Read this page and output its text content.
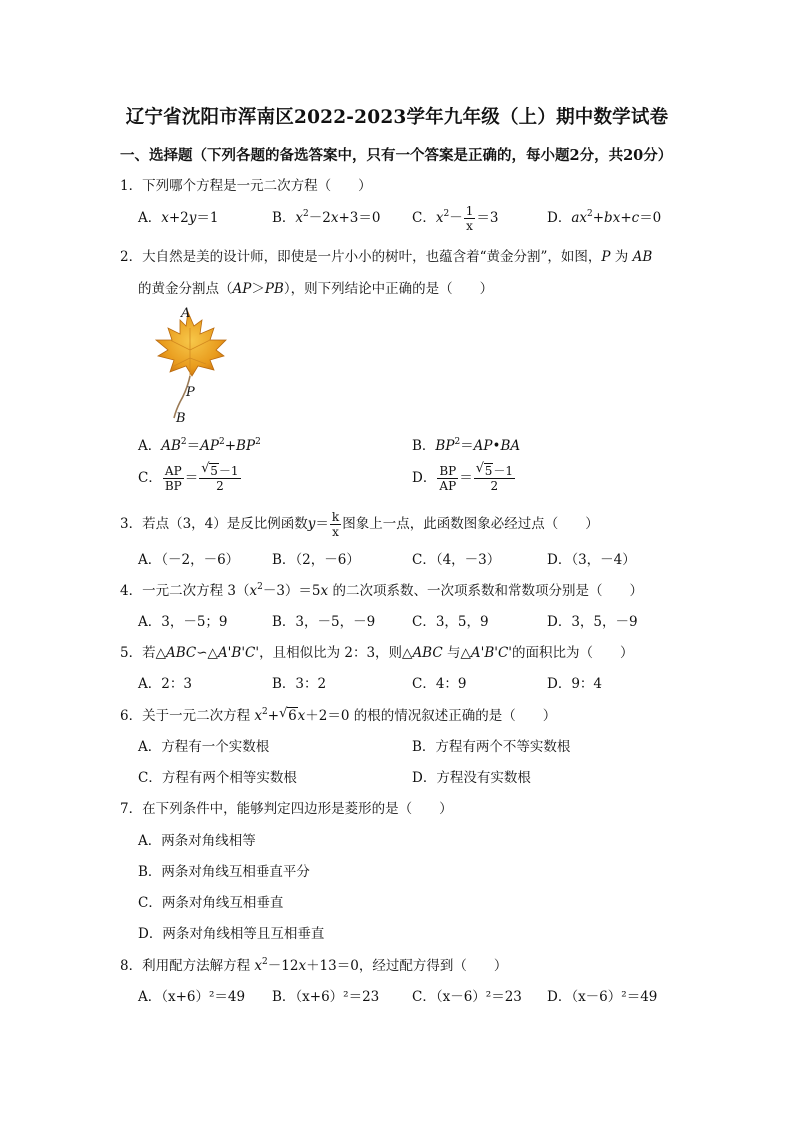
辽宁省沈阳市浑南区2022-2023学年九年级（上）期中数学试卷
一、选择题（下列各题的备选答案中，只有一个答案是正确的，每小题2分，共20分）
1．下列哪个方程是一元二次方程（　　）
A．x+2y＝1	B．$x^2-2x+3=0$ C．$x^2- \frac{1}{x} =3$	D．$ax^2+bx+c=0$
2．大自然是美的设计师，即使是一片小小的树叶，也蕴含着“黄金分割”，如图，P 为 AB
的黄金分割点（AP＞PB），则下列结论中正确的是（　　）
A
P
B
A．$AB^2=AP^2+BP^2$	B．$BP^2=AP•BA$
C． $\frac{AP}{BP} = \frac{√ 5-1}{2}$	D． $\frac{BP}{AP} = \frac{√ 5-1}{2}$
3．若点（3，4）是反比例函数$y= \frac{k}{x}$ 图象上一点，此函数图象必经过点（　　）
A．（－2，－6） B．（2，－6）	C．（4，－3）	D．（3，－4）
4．一元二次方程 $3(x^2-3)=5x$ 的二次项系数、一次项系数和常数项分别是（　　）
A．3，－5；9	B．3，－5，－9	C．3，5，9	D．3，5，－9
5．若△ABC∽△A'B'C'，且相似比为 2：3，则△ABC 与△A'B'C'的面积比为（　　）
A．2：3	B．3：2	C．4：9	D．9：4
6．关于一元二次方程 $x^2+$ √ 6x＋2＝0 的根的情况叙述正确的是（　　）
A．方程有一个实数根	B．方程有两个不等实数根
C．方程有两个相等实数根	D．方程没有实数根
7．在下列条件中，能够判定四边形是菱形的是（　　）
A．两条对角线相等
B．两条对角线互相垂直平分
C．两条对角线互相垂直
D．两条对角线相等且互相垂直
8．利用配方法解方程 $x^2-12x+13=0$，经过配方得到（　　）
A．（x+6）²＝49 B．（x+6）²＝23 C．（x－6）²＝23 D．（x－6）²＝49
